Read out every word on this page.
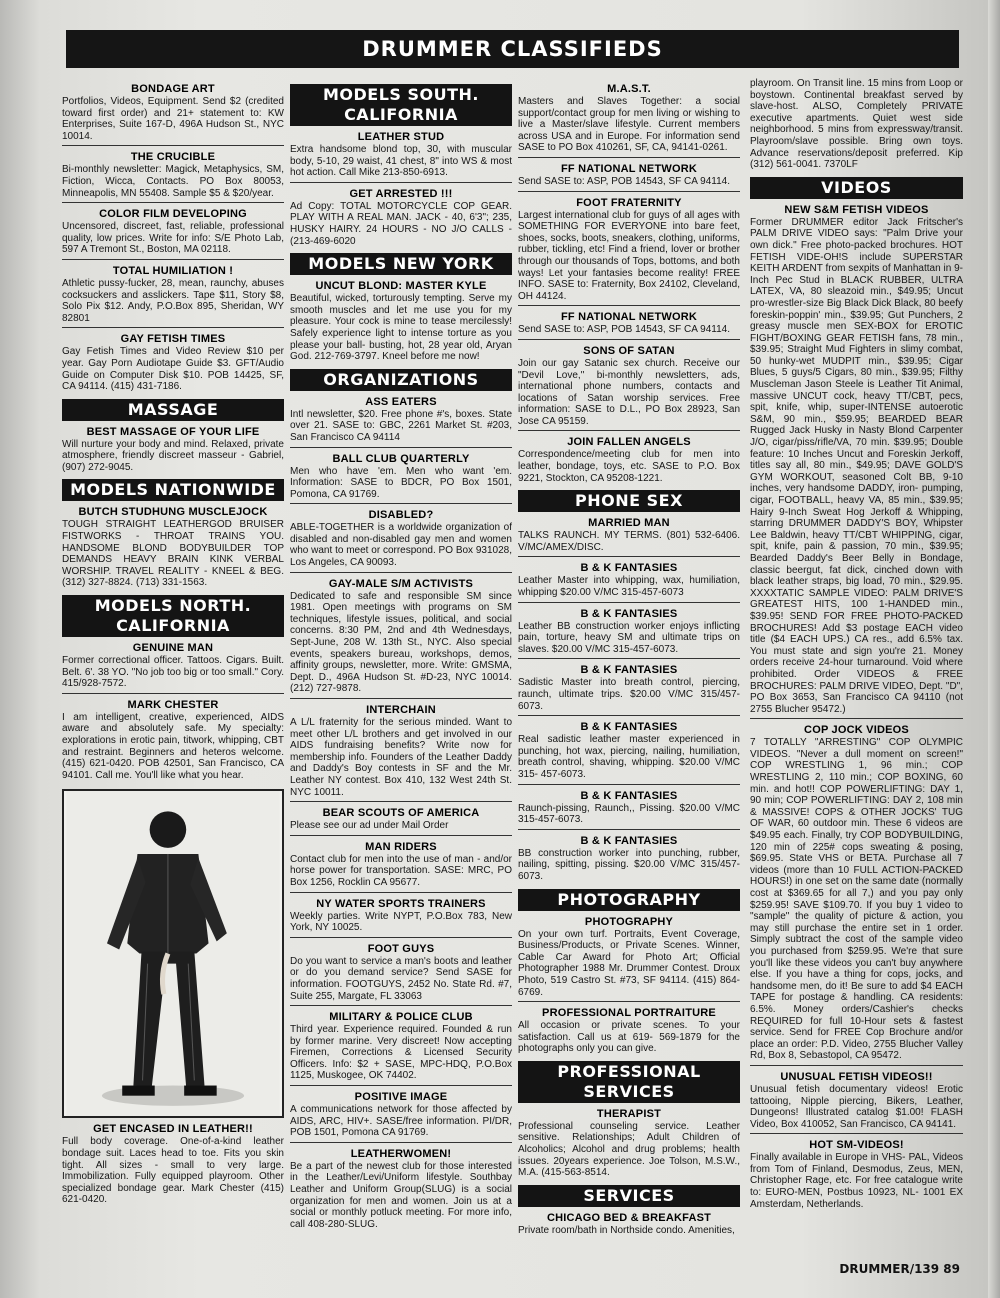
DRUMMER CLASSIFIEDS
BONDAGE ART

Portfolios, Videos, Equipment. Send $2 (credited toward first order) and 21+ statement to: KW Enterprises, Suite 167-D, 496A Hudson St., NYC 10014.

THE CRUCIBLE

Bi-monthly newsletter: Magick, Metaphysics, SM, Fiction, Wicca, Contacts. PO Box 80053, Minneapolis, MN 55408. Sample $5 & $20/year.

COLOR FILM DEVELOPING

Uncensored, discreet, fast, reliable, professional quality, low prices. Write for info: S/E Photo Lab, 597 A Tremont St., Boston, MA 02118.

TOTAL HUMILIATION !

Athletic pussy-fucker, 28, mean, raunchy, abuses cocksuckers and asslickers. Tape $11, Story $8, Solo Pix $12. Andy, P.O.Box 895, Sheridan, WY 82801

GAY FETISH TIMES

Gay Fetish Times and Video Review $10 per year. Gay Porn Audiotape Guide $3. GFT/Audio Guide on Computer Disk $10. POB 14425, SF, CA 94114. (415) 431-7186.

MASSAGE
BEST MASSAGE OF YOUR LIFE

Will nurture your body and mind. Relaxed, private atmosphere, friendly discreet masseur - Gabriel, (907) 272-9045.

MODELS NATIONWIDE
BUTCH STUDHUNG MUSCLEJOCK

TOUGH STRAIGHT LEATHERGOD BRUISER FISTWORKS - THROAT TRAINS YOU. HANDSOME BLOND BODYBUILDER TOP DEMANDS HEAVY BRAIN KINK VERBAL WORSHIP. TRAVEL REALITY - KNEEL & BEG. (312) 327-8824. (713) 331-1563.

MODELS NORTH. CALIFORNIA
GENUINE MAN

Former correctional officer. Tattoos. Cigars. Built. Belt. 6'. 38 YO. "No job too big or too small." Cory. 415/928-7572.

MARK CHESTER

I am intelligent, creative, experienced, AIDS aware and absolutely safe. My specialty: explorations in erotic pain, titwork, whipping, CBT and restraint. Beginners and heteros welcome. (415) 621-0420. POB 42501, San Francisco, CA 94101. Call me. You'll like what you hear.

GET ENCASED IN LEATHER!!

Full body coverage. One-of-a-kind leather bondage suit. Laces head to toe. Fits you skin tight. All sizes - small to very large. Immobilization. Fully equipped playroom. Other specialized bondage gear. Mark Chester (415) 621-0420.

MODELS SOUTH. CALIFORNIA
LEATHER STUD

Extra handsome blond top, 30, with muscular body, 5-10, 29 waist, 41 chest, 8" into WS & most hot action. Call Mike 213-850-6913.

GET ARRESTED !!!

Ad Copy: TOTAL MOTORCYCLE COP GEAR. PLAY WITH A REAL MAN. JACK - 40, 6'3"; 235, HUSKY HAIRY. 24 HOURS - NO J/O CALLS - (213-469-6020

MODELS NEW YORK
UNCUT BLOND: MASTER KYLE

Beautiful, wicked, torturously tempting. Serve my smooth muscles and let me use you for my pleasure. Your cock is mine to tease mercilessly! Safely experience light to intense torture as you please your ball- busting, hot, 28 year old, Aryan God. 212-769-3797. Kneel before me now!

ORGANIZATIONS
ASS EATERS

Intl newsletter, $20. Free phone #'s, boxes. State over 21. SASE to: GBC, 2261 Market St. #203, San Francisco CA 94114

BALL CLUB QUARTERLY

Men who have 'em. Men who want 'em. Information: SASE to BDCR, PO Box 1501, Pomona, CA 91769.

DISABLED?

ABLE-TOGETHER is a worldwide organization of disabled and non-disabled gay men and women who want to meet or correspond. PO Box 931028, Los Angeles, CA 90093.

GAY-MALE S/M ACTIVISTS

Dedicated to safe and responsible SM since 1981. Open meetings with programs on SM techniques, lifestyle issues, political, and social concerns. 8:30 PM, 2nd and 4th Wednesdays, Sept-June, 208 W. 13th St., NYC. Also special events, speakers bureau, workshops, demos, affinity groups, newsletter, more. Write: GMSMA, Dept. D., 496A Hudson St. #D-23, NYC 10014. (212) 727-9878.

INTERCHAIN

A L/L fraternity for the serious minded. Want to meet other L/L brothers and get involved in our AIDS fundraising benefits? Write now for membership info. Founders of the Leather Daddy and Daddy's Boy contests in SF and the Mr. Leather NY contest. Box 410, 132 West 24th St. NYC 10011.

BEAR SCOUTS OF AMERICA

Please see our ad under Mail Order

MAN RIDERS

Contact club for men into the use of man - and/or horse power for transportation. SASE: MRC, PO Box 1256, Rocklin CA 95677.

NY WATER SPORTS TRAINERS

Weekly parties. Write NYPT, P.O.Box 783, New York, NY 10025.

FOOT GUYS

Do you want to service a man's boots and leather or do you demand service? Send SASE for information. FOOTGUYS, 2452 No. State Rd. #7, Suite 255, Margate, FL 33063

MILITARY & POLICE CLUB

Third year. Experience required. Founded & run by former marine. Very discreet! Now accepting Firemen, Corrections & Licensed Security Officers. Info: $2 + SASE, MPC-HDQ, P.O.Box 1125, Muskogee, OK 74402.

POSITIVE IMAGE

A communications network for those affected by AIDS, ARC, HIV+. SASE/free information. PI/DR, POB 1501, Pomona CA 91769.

LEATHERWOMEN!

Be a part of the newest club for those interested in the Leather/Levi/Uniform lifestyle. Southbay Leather and Uniform Group(SLUG) is a social organization for men and women. Join us at a social or monthly potluck meeting. For more info, call 408-280-SLUG.

M.A.S.T.

Masters and Slaves Together: a social support/contact group for men living or wishing to live a Master/slave lifestyle. Current members across USA and in Europe. For information send SASE to PO Box 410261, SF, CA, 94141-0261.

FF NATIONAL NETWORK

Send SASE to: ASP, POB 14543, SF CA 94114.

FOOT FRATERNITY

Largest international club for guys of all ages with SOMETHING FOR EVERYONE into bare feet, shoes, socks, boots, sneakers, clothing, uniforms, rubber, tickling, etc! Find a friend, lover or brother through our thousands of Tops, bottoms, and both ways! Let your fantasies become reality! FREE INFO. SASE to: Fraternity, Box 24102, Cleveland, OH 44124.

FF NATIONAL NETWORK

Send SASE to: ASP, POB 14543, SF CA 94114.

SONS OF SATAN

Join our gay Satanic sex church. Receive our "Devil Love," bi-monthly newsletters, ads, international phone numbers, contacts and locations of Satan worship services. Free information: SASE to D.L., PO Box 28923, San Jose CA 95159.

JOIN FALLEN ANGELS

Correspondence/meeting club for men into leather, bondage, toys, etc. SASE to P.O. Box 9221, Stockton, CA 95208-1221.

PHONE SEX
MARRIED MAN

TALKS RAUNCH. MY TERMS. (801) 532-6406. V/MC/AMEX/DISC.

B & K FANTASIES

Leather Master into whipping, wax, humiliation, whipping $20.00 V/MC 315-457-6073

B & K FANTASIES

Leather BB construction worker enjoys inflicting pain, torture, heavy SM and ultimate trips on slaves. $20.00 V/MC 315-457-6073.

B & K FANTASIES

Sadistic Master into breath control, piercing, raunch, ultimate trips. $20.00 V/MC 315/457-6073.

B & K FANTASIES

Real sadistic leather master experienced in punching, hot wax, piercing, nailing, humiliation, breath control, shaving, whipping. $20.00 V/MC 315- 457-6073.

B & K FANTASIES

Raunch-pissing, Raunch,, Pissing. $20.00 V/MC 315-457-6073.

B & K FANTASIES

BB construction worker into punching, rubber, nailing, spitting, pissing. $20.00 V/MC 315/457-6073.

PHOTOGRAPHY
PHOTOGRAPHY

On your own turf. Portraits, Event Coverage, Business/Products, or Private Scenes. Winner, Cable Car Award for Photo Art; Official Photographer 1988 Mr. Drummer Contest. Droux Photo, 519 Castro St. #73, SF 94114. (415) 864-6769.

PROFESSIONAL PORTRAITURE

All occasion or private scenes. To your satisfaction. Call us at 619- 569-1879 for the photographs only you can give.

PROFESSIONAL SERVICES
THERAPIST

Professional counseling service. Leather sensitive. Relationships; Adult Children of Alcoholics; Alcohol and drug problems; health issues. 20years experience. Joe Tolson, M.S.W., M.A. (415-563-8514.

SERVICES
CHICAGO BED & BREAKFAST

Private room/bath in Northside condo. Amenities,

playroom. On Transit line. 15 mins from Loop or boystown. Continental breakfast served by slave-host. ALSO, Completely PRIVATE executive apartments. Quiet west side neighborhood. 5 mins from expressway/transit. Playroom/slave possible. Bring own toys. Advance reservations/deposit preferred. Kip (312) 561-0041. 7370LF

VIDEOS
NEW S&M FETISH VIDEOS

Former DRUMMER editor Jack Fritscher's PALM DRIVE VIDEO says: "Palm Drive your own dick." Free photo-packed brochures. HOT FETISH VIDE-OH!S include SUPERSTAR KEITH ARDENT from sexpits of Manhattan in 9-Inch Pec Stud in BLACK RUBBER, ULTRA LATEX, VA, 80 sleazoid min., $49.95; Uncut pro-wrestler-size Big Black Dick Black, 80 beefy foreskin-poppin' min., $39.95; Gut Punchers, 2 greasy muscle men SEX-BOX for EROTIC FIGHT/BOXING GEAR FETISH fans, 78 min., $39.95; Straight Mud Fighters in slimy combat, 50 hunky-wet MUDPIT min., $39.95; Cigar Blues, 5 guys/5 Cigars, 80 min., $39.95; Filthy Muscleman Jason Steele is Leather Tit Animal, massive UNCUT cock, heavy TT/CBT, pecs, spit, knife, whip, super-INTENSE autoerotic S&M, 90 min., $59.95; BEARDED BEAR Rugged Jack Husky in Nasty Blond Carpenter J/O, cigar/piss/rifle/VA, 70 min. $39.95; Double feature: 10 Inches Uncut and Foreskin Jerkoff, titles say all, 80 min., $49.95; DAVE GOLD'S GYM WORKOUT, seasoned Colt BB, 9-10 inches, very handsome DADDY, iron- pumping, cigar, FOOTBALL, heavy VA, 85 min., $39.95; Hairy 9-Inch Sweat Hog Jerkoff & Whipping, starring DRUMMER DADDY'S BOY, Whipster Lee Baldwin, heavy TT/CBT WHIPPING, cigar, spit, knife, pain & passion, 70 min., $39.95; Bearded Daddy's Beer Belly in Bondage, classic beergut, fat dick, cinched down with black leather straps, big load, 70 min., $29.95. XXXXTATIC SAMPLE VIDEO: PALM DRIVE'S GREATEST HITS, 100 1-HANDED min., $39.95! SEND FOR FREE PHOTO-PACKED BROCHURES! Add $3 postage EACH video title ($4 EACH UPS.) CA res., add 6.5% tax. You must state and sign you're 21. Money orders receive 24-hour turnaround. Void where prohibited. Order VIDEOS & FREE BROCHURES: PALM DRIVE VIDEO, Dept. "D", PO Box 3653, San Francisco CA 94110 (not 2755 Blucher 95472.)

COP JOCK VIDEOS

7 TOTALLY "ARRESTING" COP OLYMPIC VIDEOS. "Never a dull moment on screen!" COP WRESTLING 1, 96 min.; COP WRESTLING 2, 110 min.; COP BOXING, 60 min. and hot!! COP POWERLIFTING: DAY 1, 90 min; COP POWERLIFTING: DAY 2, 108 min & MASSIVE! COPS & OTHER JOCKS' TUG OF WAR, 60 outdoor min. These 6 videos are $49.95 each. Finally, try COP BODYBUILDING, 120 min of 225# cops sweating & posing, $69.95. State VHS or BETA. Purchase all 7 videos (more than 10 FULL ACTION-PACKED HOURS!) in one set on the same date (normally cost at $369.65 for all 7,) and you pay only $259.95! SAVE $109.70. If you buy 1 video to "sample" the quality of picture & action, you may still purchase the entire set in 1 order. Simply subtract the cost of the sample video you purchased from $259.95. We're that sure you'll like these videos you can't buy anywhere else. If you have a thing for cops, jocks, and handsome men, do it! Be sure to add $4 EACH TAPE for postage & handling. CA residents: 6.5%. Money orders/Cashier's checks REQUIRED for full 10-Hour sets & fastest service. Send for FREE Cop Brochure and/or place an order: P.D. Video, 2755 Blucher Valley Rd, Box 8, Sebastopol, CA 95472.

UNUSUAL FETISH VIDEOS!!

Unusual fetish documentary videos! Erotic tattooing, Nipple piercing, Bikers, Leather, Dungeons! Illustrated catalog $1.00! FLASH Video, Box 410052, San Francisco, CA 94141.

HOT SM-VIDEOS!

Finally available in Europe in VHS- PAL, Videos from Tom of Finland, Desmodus, Zeus, MEN, Christopher Rage, etc. For free catalogue write to: EURO-MEN, Postbus 10923, NL- 1001 EX Amsterdam, Netherlands.

DRUMMER/139 89
